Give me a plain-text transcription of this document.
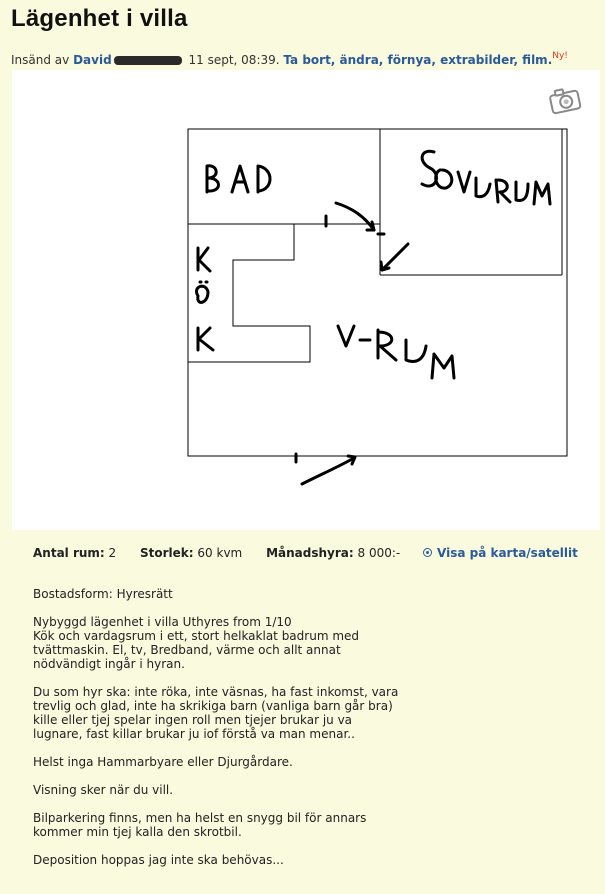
Lägenhet i villa
Insänd av David	11 sept, 08:39. Ta bort, ändra, förnya, extrabilder, film.$^{Ny!}$
Antal rum: 2 Storlek: 60 kvm Månadshyra: 8 000:-	Visa på karta/satellit

Bostadsform: Hyresrätt

Nybyggd lägenhet i villa Uthyres from 1/10
Kök och vardagsrum i ett, stort helkaklat badrum med tvättmaskin. El, tv, Bredband, värme och allt annat nödvändigt ingår i hyran.

Du som hyr ska: inte röka, inte väsnas, ha fast inkomst, vara trevlig och glad, inte ha skrikiga barn (vanliga barn går bra) kille eller tjej spelar ingen roll men tjejer brukar ju va lugnare, fast killar brukar ju iof förstå va man menar..

Helst inga Hammarbyare eller Djurgårdare.

Visning sker när du vill.

Bilparkering finns, men ha helst en snygg bil för annars kommer min tjej kalla den skrotbil.

Deposition hoppas jag inte ska behövas...
